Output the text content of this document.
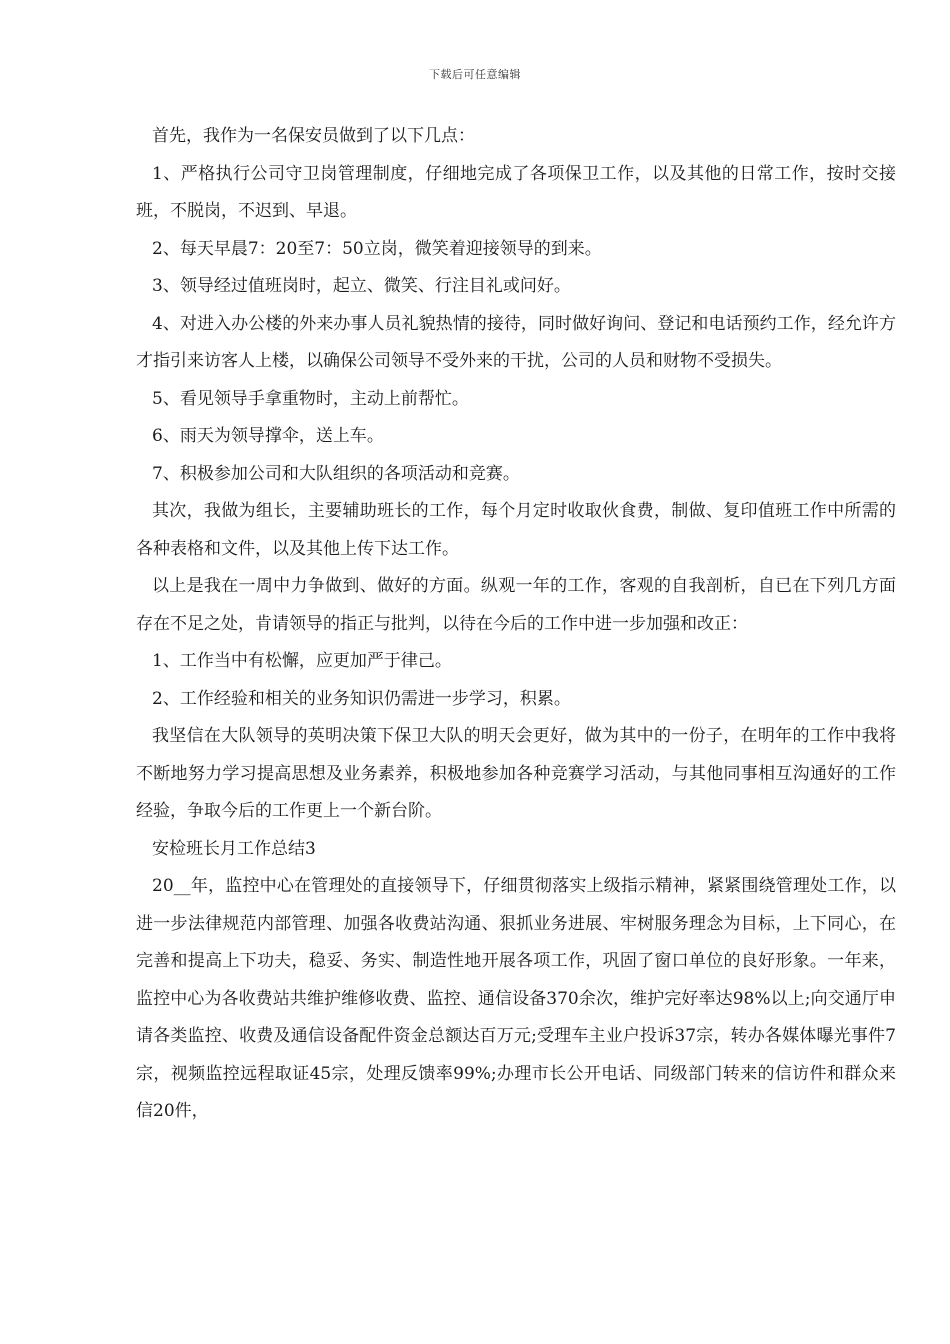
下载后可任意编辑

首先，我作为一名保安员做到了以下几点：

1、严格执行公司守卫岗管理制度，仔细地完成了各项保卫工作，以及其他的日常工作，按时交接班，不脱岗，不迟到、早退。

2、每天早晨7：20至7：50立岗，微笑着迎接领导的到来。

3、领导经过值班岗时，起立、微笑、行注目礼或问好。

4、对进入办公楼的外来办事人员礼貌热情的接待，同时做好询问、登记和电话预约工作，经允许方才指引来访客人上楼，以确保公司领导不受外来的干扰，公司的人员和财物不受损失。

5、看见领导手拿重物时，主动上前帮忙。

6、雨天为领导撑伞，送上车。

7、积极参加公司和大队组织的各项活动和竞赛。

其次，我做为组长，主要辅助班长的工作，每个月定时收取伙食费，制做、复印值班工作中所需的各种表格和文件，以及其他上传下达工作。

以上是我在一周中力争做到、做好的方面。纵观一年的工作，客观的自我剖析，自已在下列几方面存在不足之处，肯请领导的指正与批判，以待在今后的工作中进一步加强和改正：

1、工作当中有松懈，应更加严于律己。

2、工作经验和相关的业务知识仍需进一步学习，积累。

我坚信在大队领导的英明决策下保卫大队的明天会更好，做为其中的一份子，在明年的工作中我将不断地努力学习提高思想及业务素养，积极地参加各种竞赛学习活动，与其他同事相互沟通好的工作经验，争取今后的工作更上一个新台阶。

安检班长月工作总结3

20__年，监控中心在管理处的直接领导下，仔细贯彻落实上级指示精神，紧紧围绕管理处工作，以进一步法律规范内部管理、加强各收费站沟通、狠抓业务进展、牢树服务理念为目标，上下同心，在完善和提高上下功夫，稳妥、务实、制造性地开展各项工作，巩固了窗口单位的良好形象。一年来，监控中心为各收费站共维护维修收费、监控、通信设备370余次，维护完好率达98%以上;向交通厅申请各类监控、收费及通信设备配件资金总额达百万元;受理车主业户投诉37宗，转办各媒体曝光事件7宗，视频监控远程取证45宗，处理反馈率99%;办理市长公开电话、同级部门转来的信访件和群众来信20件，
